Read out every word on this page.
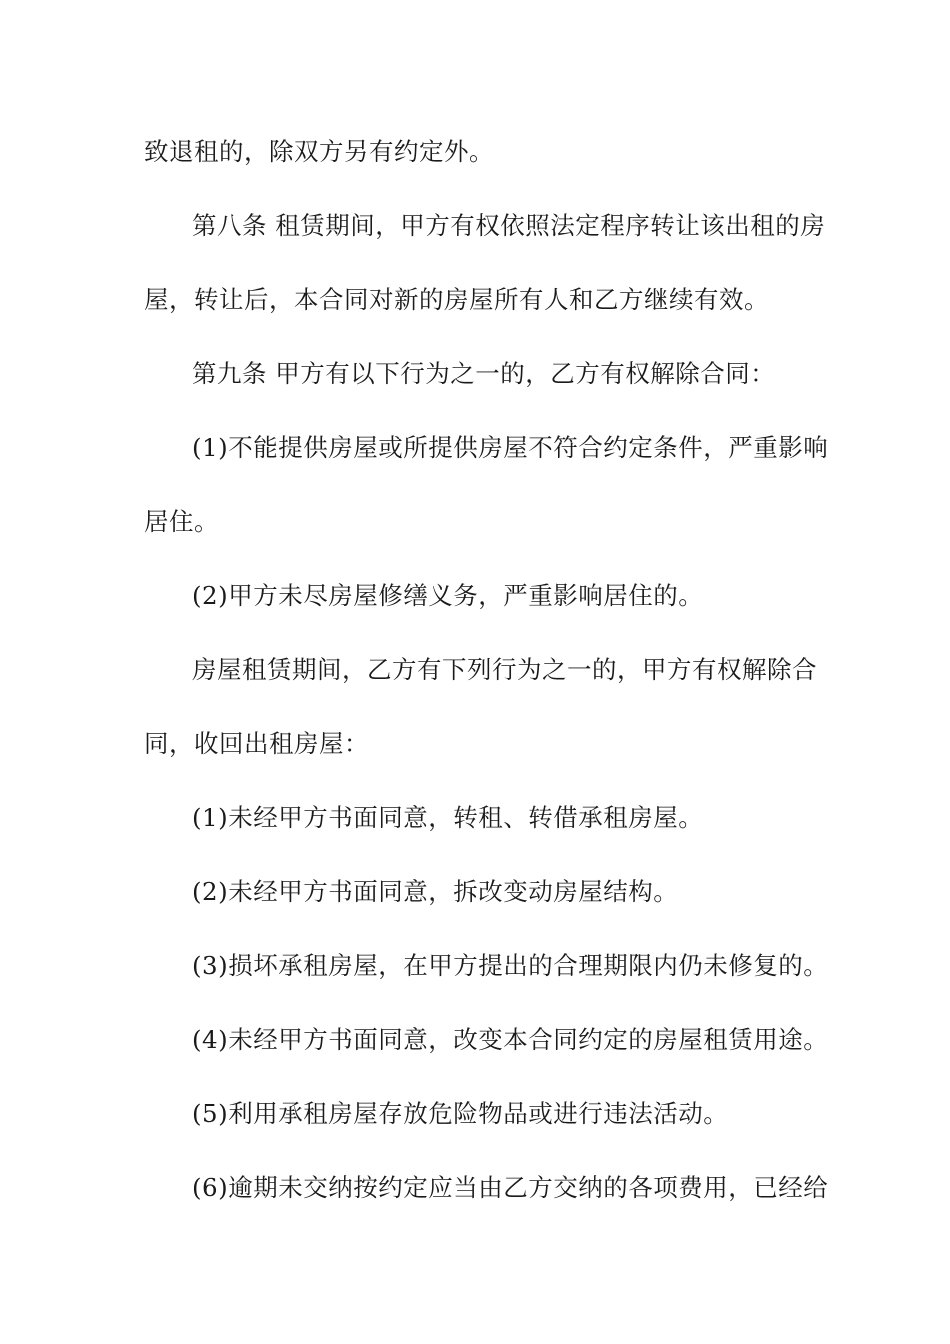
致退租的，除双方另有约定外。

第八条 租赁期间，甲方有权依照法定程序转让该出租的房

屋，转让后，本合同对新的房屋所有人和乙方继续有效。

第九条 甲方有以下行为之一的，乙方有权解除合同：

(1)不能提供房屋或所提供房屋不符合约定条件，严重影响

居住。

(2)甲方未尽房屋修缮义务，严重影响居住的。

房屋租赁期间，乙方有下列行为之一的，甲方有权解除合

同，收回出租房屋：

(1)未经甲方书面同意，转租、转借承租房屋。

(2)未经甲方书面同意，拆改变动房屋结构。

(3)损坏承租房屋，在甲方提出的合理期限内仍未修复的。

(4)未经甲方书面同意，改变本合同约定的房屋租赁用途。

(5)利用承租房屋存放危险物品或进行违法活动。

(6)逾期未交纳按约定应当由乙方交纳的各项费用，已经给
